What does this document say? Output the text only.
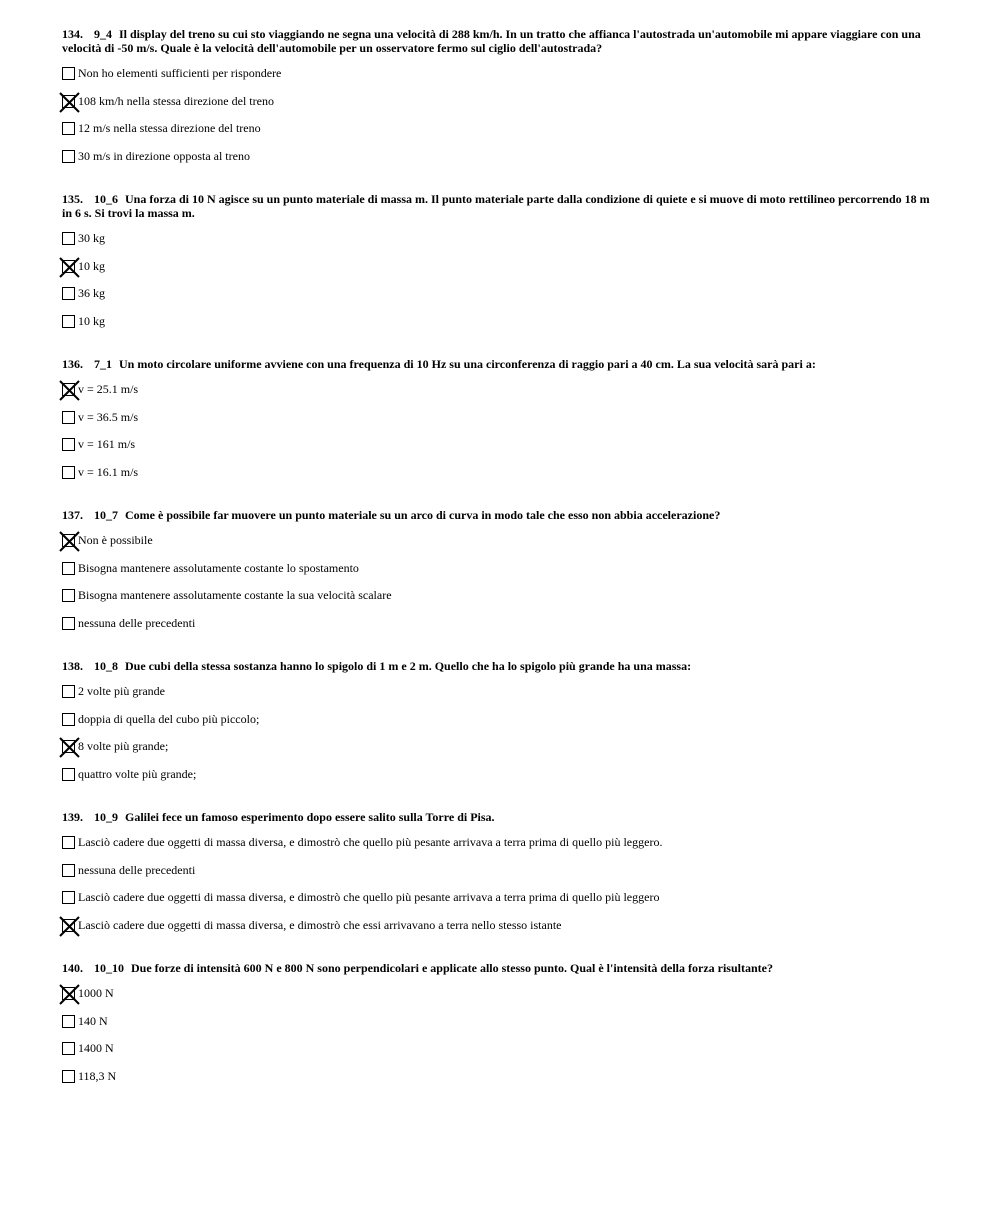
134. 9_4 Il display del treno su cui sto viaggiando ne segna una velocità di 288 km/h. In un tratto che affianca l'autostrada un'automobile mi appare viaggiare con una velocità di -50 m/s. Quale è la velocità dell'automobile per un osservatore fermo sul ciglio dell'autostrada?

Non ho elementi sufficienti per rispondere
108 km/h nella stessa direzione del treno
12 m/s nella stessa direzione del treno
30 m/s in direzione opposta al treno

135. 10_6 Una forza di 10 N agisce su un punto materiale di massa m. Il punto materiale parte dalla condizione di quiete e si muove di moto rettilineo percorrendo 18 m in 6 s. Si trovi la massa m.

30 kg
10 kg
36 kg
10 kg

136. 7_1 Un moto circolare uniforme avviene con una frequenza di 10 Hz su una circonferenza di raggio pari a 40 cm. La sua velocità sarà pari a:

v = 25.1 m/s
v = 36.5 m/s
v = 161 m/s
v = 16.1 m/s

137. 10_7 Come è possibile far muovere un punto materiale su un arco di curva in modo tale che esso non abbia accelerazione?

Non è possibile
Bisogna mantenere assolutamente costante lo spostamento
Bisogna mantenere assolutamente costante la sua velocità scalare
nessuna delle precedenti

138. 10_8 Due cubi della stessa sostanza hanno lo spigolo di 1 m e 2 m. Quello che ha lo spigolo più grande ha una massa:

2 volte più grande
doppia di quella del cubo più piccolo;
8 volte più grande;
quattro volte più grande;

139. 10_9 Galilei fece un famoso esperimento dopo essere salito sulla Torre di Pisa.

Lasciò cadere due oggetti di massa diversa, e dimostrò che quello più pesante arrivava a terra prima di quello più leggero.
nessuna delle precedenti
Lasciò cadere due oggetti di massa diversa, e dimostrò che quello più pesante arrivava a terra prima di quello più leggero
Lasciò cadere due oggetti di massa diversa, e dimostrò che essi arrivavano a terra nello stesso istante

140. 10_10 Due forze di intensità 600 N e 800 N sono perpendicolari e applicate allo stesso punto. Qual è l'intensità della forza risultante?

1000 N
140 N
1400 N
118,3 N
